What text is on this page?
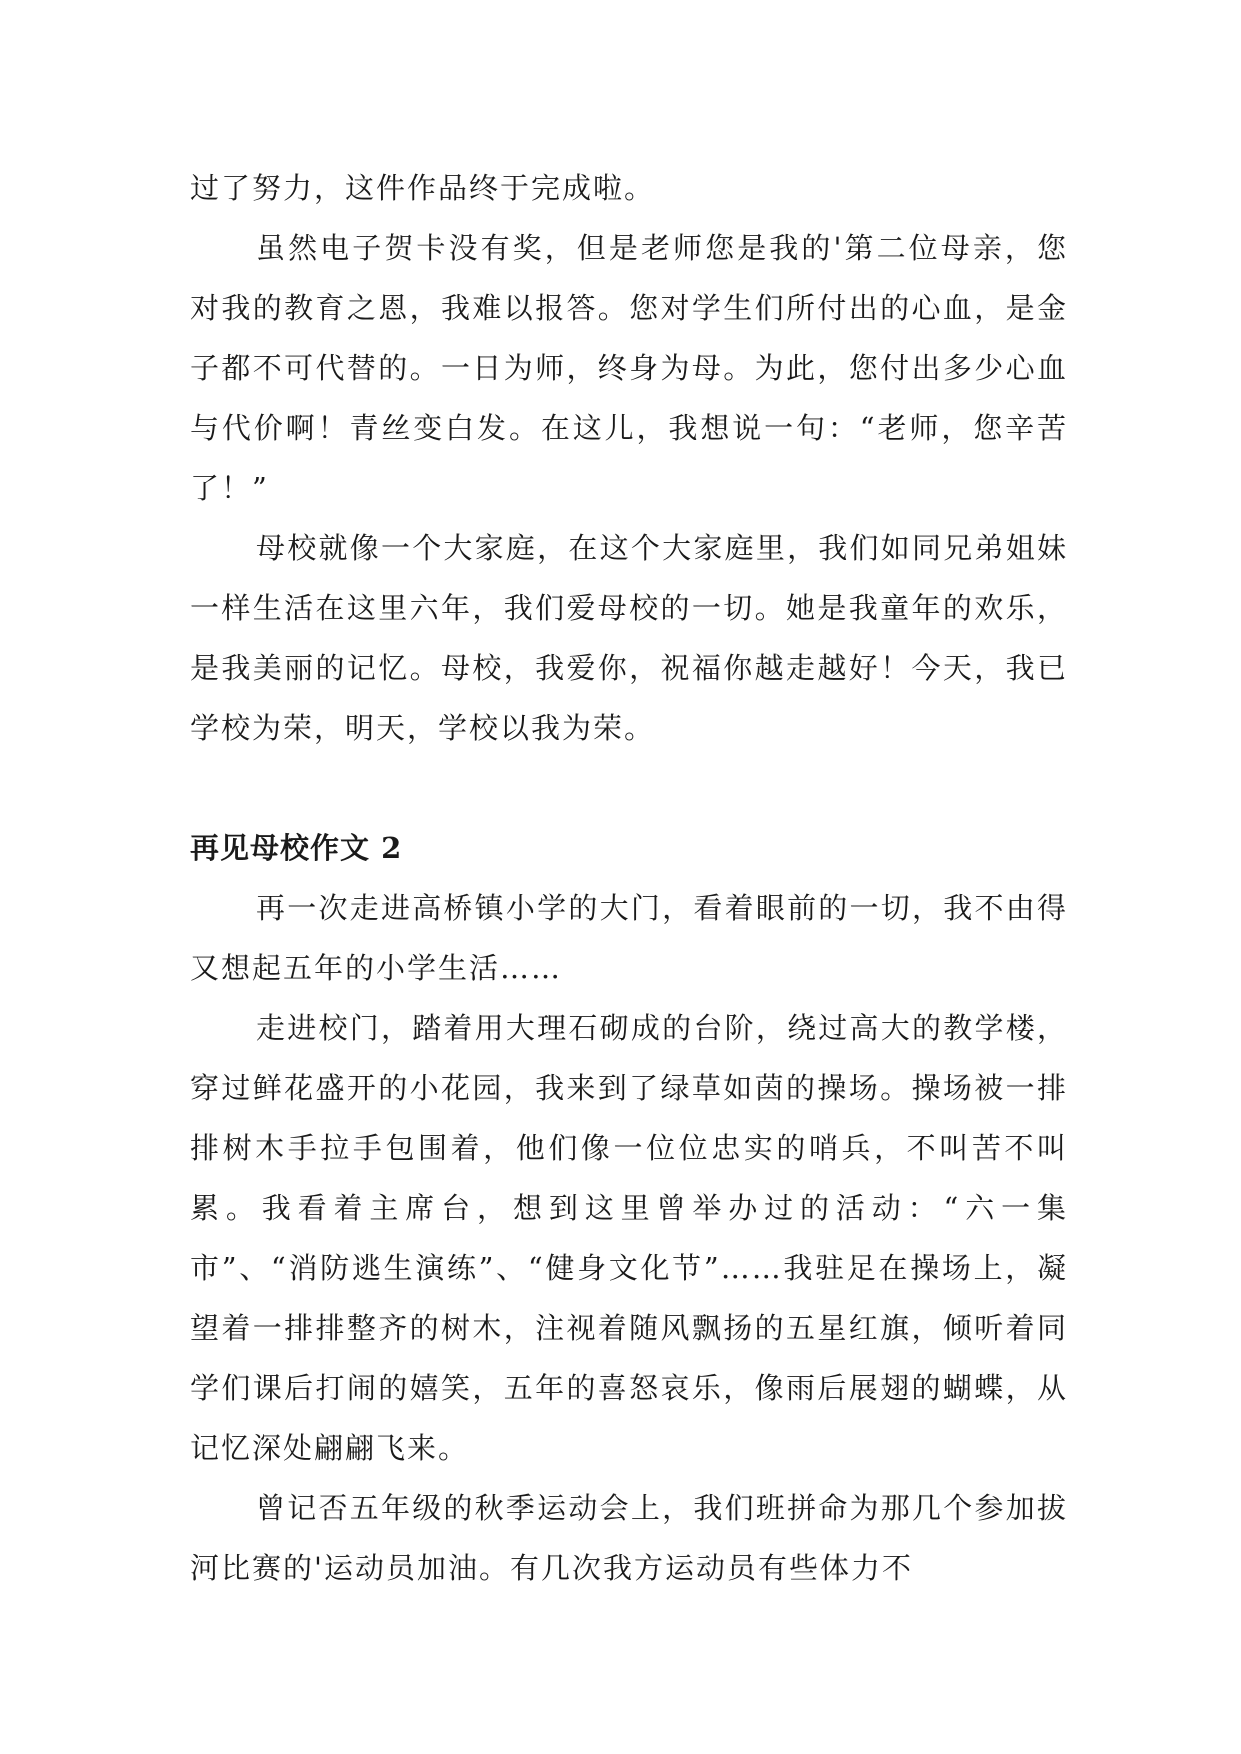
过了努力，这件作品终于完成啦。

虽然电子贺卡没有奖，但是老师您是我的'第二位母亲，您对我的教育之恩，我难以报答。您对学生们所付出的心血，是金子都不可代替的。一日为师，终身为母。为此，您付出多少心血与代价啊！青丝变白发。在这儿，我想说一句：“老师，您辛苦了！”

母校就像一个大家庭，在这个大家庭里，我们如同兄弟姐妹一样生活在这里六年，我们爱母校的一切。她是我童年的欢乐，是我美丽的记忆。母校，我爱你，祝福你越走越好！今天，我已学校为荣，明天，学校以我为荣。

再见母校作文 2

再一次走进高桥镇小学的大门，看着眼前的一切，我不由得又想起五年的小学生活……

走进校门，踏着用大理石砌成的台阶，绕过高大的教学楼，穿过鲜花盛开的小花园，我来到了绿草如茵的操场。操场被一排排树木手拉手包围着，他们像一位位忠实的哨兵，不叫苦不叫累。我看着主席台，想到这里曾举办过的活动：“六一集市”、“消防逃生演练”、“健身文化节”……我驻足在操场上，凝望着一排排整齐的树木，注视着随风飘扬的五星红旗，倾听着同学们课后打闹的嬉笑，五年的喜怒哀乐，像雨后展翅的蝴蝶，从记忆深处翩翩飞来。

曾记否五年级的秋季运动会上，我们班拼命为那几个参加拔河比赛的'运动员加油。有几次我方运动员有些体力不
